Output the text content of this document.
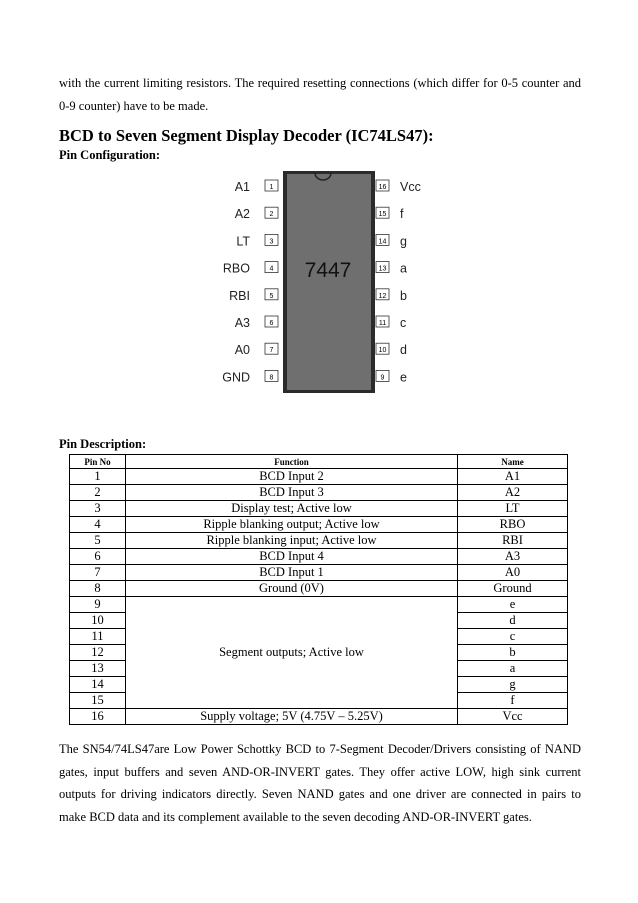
with the current limiting resistors. The required resetting connections (which differ for 0-5 counter and 0-9 counter) have to be made.

BCD to Seven Segment Display Decoder (IC74LS47):

Pin Configuration:

7447
1
A1
2
A2
3
LT
4
RBO
5
RBI
6
A3
7
A0
8
GND
16 Vcc
15 f
14 g
13 a
12 b
11 c
10 d
9 e

Pin Description:

Pin No	Function	Name
1	BCD Input 2	A1
2	BCD Input 3	A2
3	Display test; Active low	LT
4	Ripple blanking output; Active low	RBO
5	Ripple blanking input; Active low	RBI
6	BCD Input 4	A3
7	BCD Input 1	A0
8	Ground (0V)	Ground
9	Segment outputs; Active low	e
10		d
11		c
12		b
13		a
14		g
15		f
16	Supply voltage; 5V (4.75V – 5.25V)	Vcc

The SN54/74LS47are Low Power Schottky BCD to 7-Segment Decoder/Drivers consisting of NAND gates, input buffers and seven AND-OR-INVERT gates. They offer active LOW, high sink current outputs for driving indicators directly. Seven NAND gates and one driver are connected in pairs to make BCD data and its complement available to the seven decoding AND-OR-INVERT gates.
